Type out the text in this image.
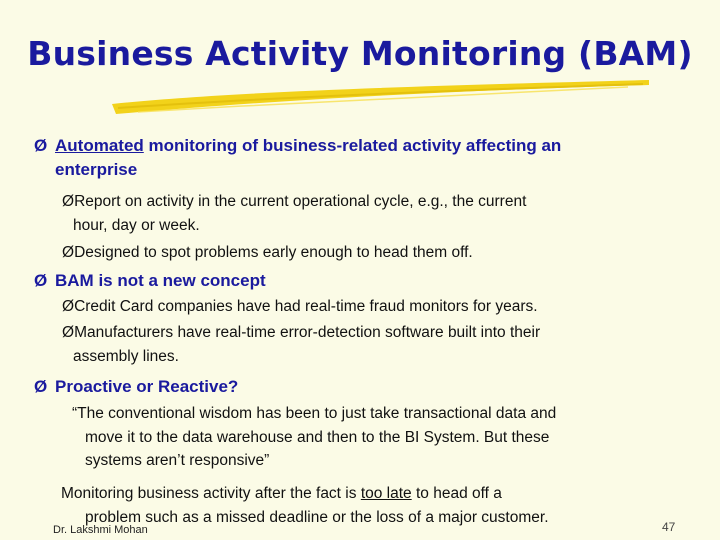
Business Activity Monitoring (BAM)
Ø Automated monitoring of business-related activity affecting an
enterprise
ØReport on activity in the current operational cycle, e.g., the current
hour, day or week.
ØDesigned to spot problems early enough to head them off.
Ø BAM is not a new concept
ØCredit Card companies have had real-time fraud monitors for years.
ØManufacturers have real-time error-detection software built into their
assembly lines.
Ø Proactive or Reactive?
“The conventional wisdom has been to just take transactional data and
move it to the data warehouse and then to the BI System. But these
systems aren’t responsive”
Monitoring business activity after the fact is too late to head off a
problem such as a missed deadline or the loss of a major customer.
Dr. Lakshmi Mohan	47
